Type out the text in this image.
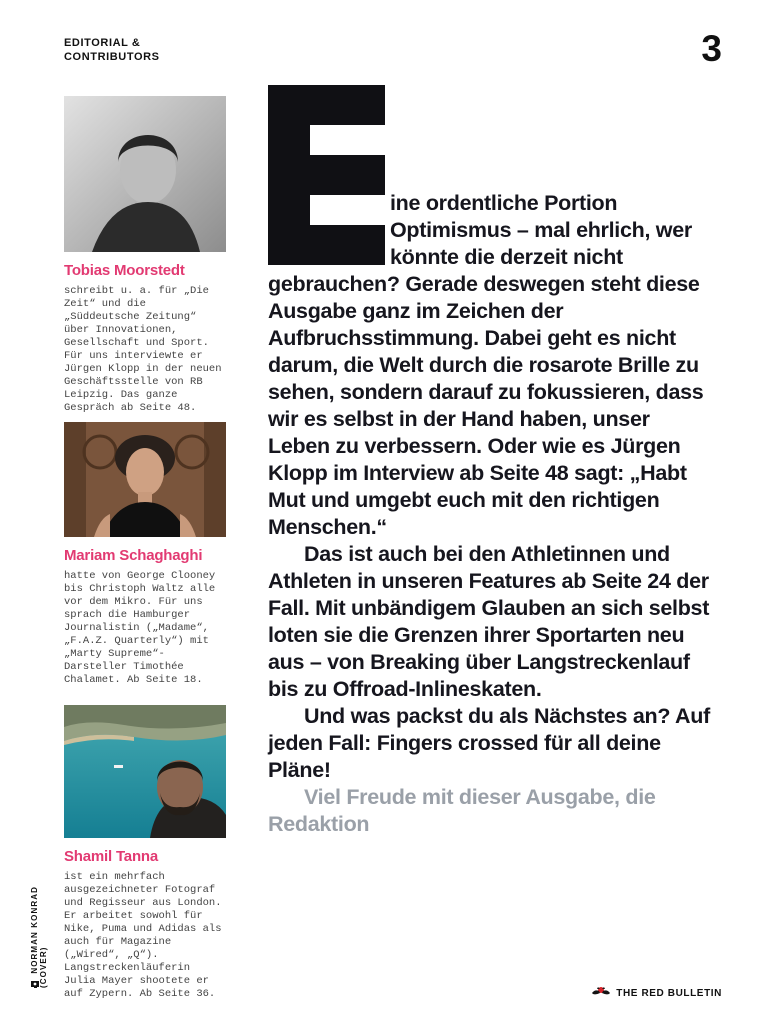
EDITORIAL &
CONTRIBUTORS	3
Tobias Moorstedt
schreibt u. a. für „Die Zeit“ und die „Süddeutsche Zeitung“ über Innovationen, Gesellschaft und Sport. Für uns interviewte er Jürgen Klopp in der neuen Geschäftsstelle von RB Leipzig. Das ganze Gespräch ab Seite 48.
Mariam Schaghaghi
hatte von George Clooney bis Christoph Waltz alle vor dem Mikro. Für uns sprach die Hamburger Journalistin („Madame“, „F.A.Z. Quarterly“) mit „Marty Supreme“-Darsteller Timothée Chalamet. Ab Seite 18.
Shamil Tanna
ist ein mehrfach ausgezeichneter Fotograf und Regisseur aus London. Er arbeitet sowohl für Nike, Puma und Adidas als auch für Magazine („Wired“, „Q“). Langstreckenläuferin Julia Mayer shootete er auf Zypern. Ab Seite 36.
NORMAN KONRAD (COVER)

ine ordentliche Portion Optimismus – mal ehrlich, wer könnte die derzeit nicht gebrauchen? Gerade deswegen steht diese Ausgabe ganz im Zeichen der Aufbruchsstimmung. Dabei geht es nicht darum, die Welt durch die rosarote Brille zu sehen, sondern darauf zu fokussieren, dass wir es selbst in der Hand haben, unser Leben zu verbessern. Oder wie es Jürgen Klopp im Interview ab Seite 48 sagt: „Habt Mut und umgebt euch mit den richtigen Menschen.“

Das ist auch bei den Athletinnen und Athleten in unseren Features ab Seite 24 der Fall. Mit unbändigem Glauben an sich selbst loten sie die Grenzen ihrer Sportarten neu aus – von Breaking über Langstreckenlauf bis zu Offroad-Inlineskaten.

Und was packst du als Nächstes an? Auf jeden Fall: Fingers crossed für all deine Pläne!

Viel Freude mit dieser Ausgabe, die Redaktion

THE RED BULLETIN
